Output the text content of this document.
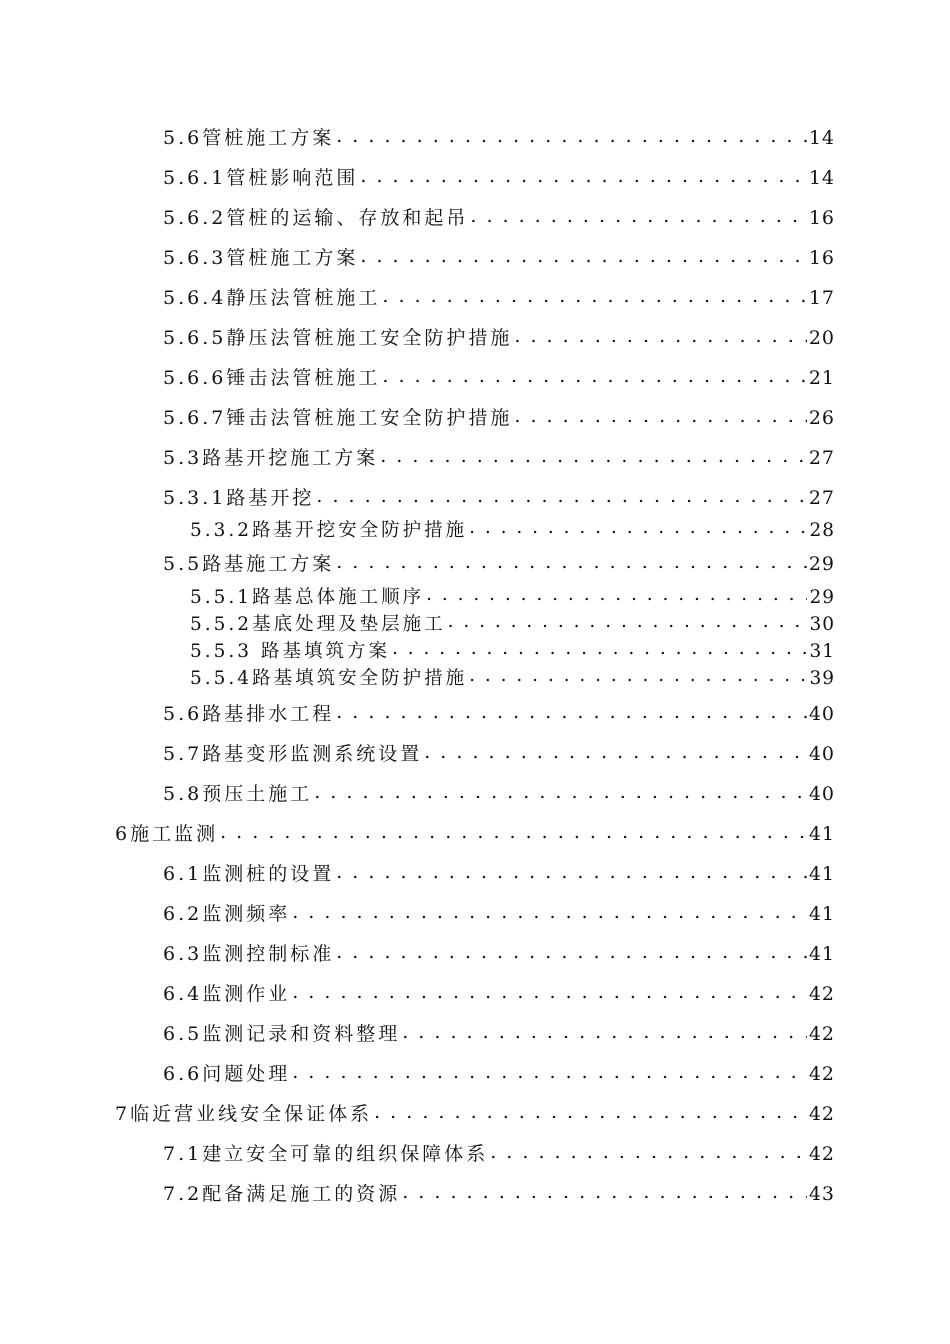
5.6管桩施工方案 . . .	14
5.6.1管桩影响范围 . . .	14
5.6.2管桩的运输、存放和起吊 . . .	16
5.6.3管桩施工方案 . . .	16
5.6.4静压法管桩施工 . . .	17
5.6.5静压法管桩施工安全防护措施 . . .	20
5.6.6锤击法管桩施工 . . .	21
5.6.7锤击法管桩施工安全防护措施 . . .	26
5.3路基开挖施工方案 . . .	27
5.3.1路基开挖 . . .	27
5.3.2路基开挖安全防护措施 . . .	28
5.5路基施工方案 . . .	29
5.5.1路基总体施工顺序 . . .	29
5.5.2基底处理及垫层施工 . . .	30
5.5.3 路基填筑方案 . . .	31
5.5.4路基填筑安全防护措施 . . .	39
5.6路基排水工程 . . .	40
5.7路基变形监测系统设置 . . .	40
5.8预压土施工 . . .	40
6施工监测 . . .	41
6.1监测桩的设置 . . .	41
6.2监测频率 . . .	41
6.3监测控制标准 . . .	41
6.4监测作业 . . .	42
6.5监测记录和资料整理 . . .	42
6.6问题处理 . . .	42
7临近营业线安全保证体系 . . .	42
7.1建立安全可靠的组织保障体系 . . .	42
7.2配备满足施工的资源 . . .	43
